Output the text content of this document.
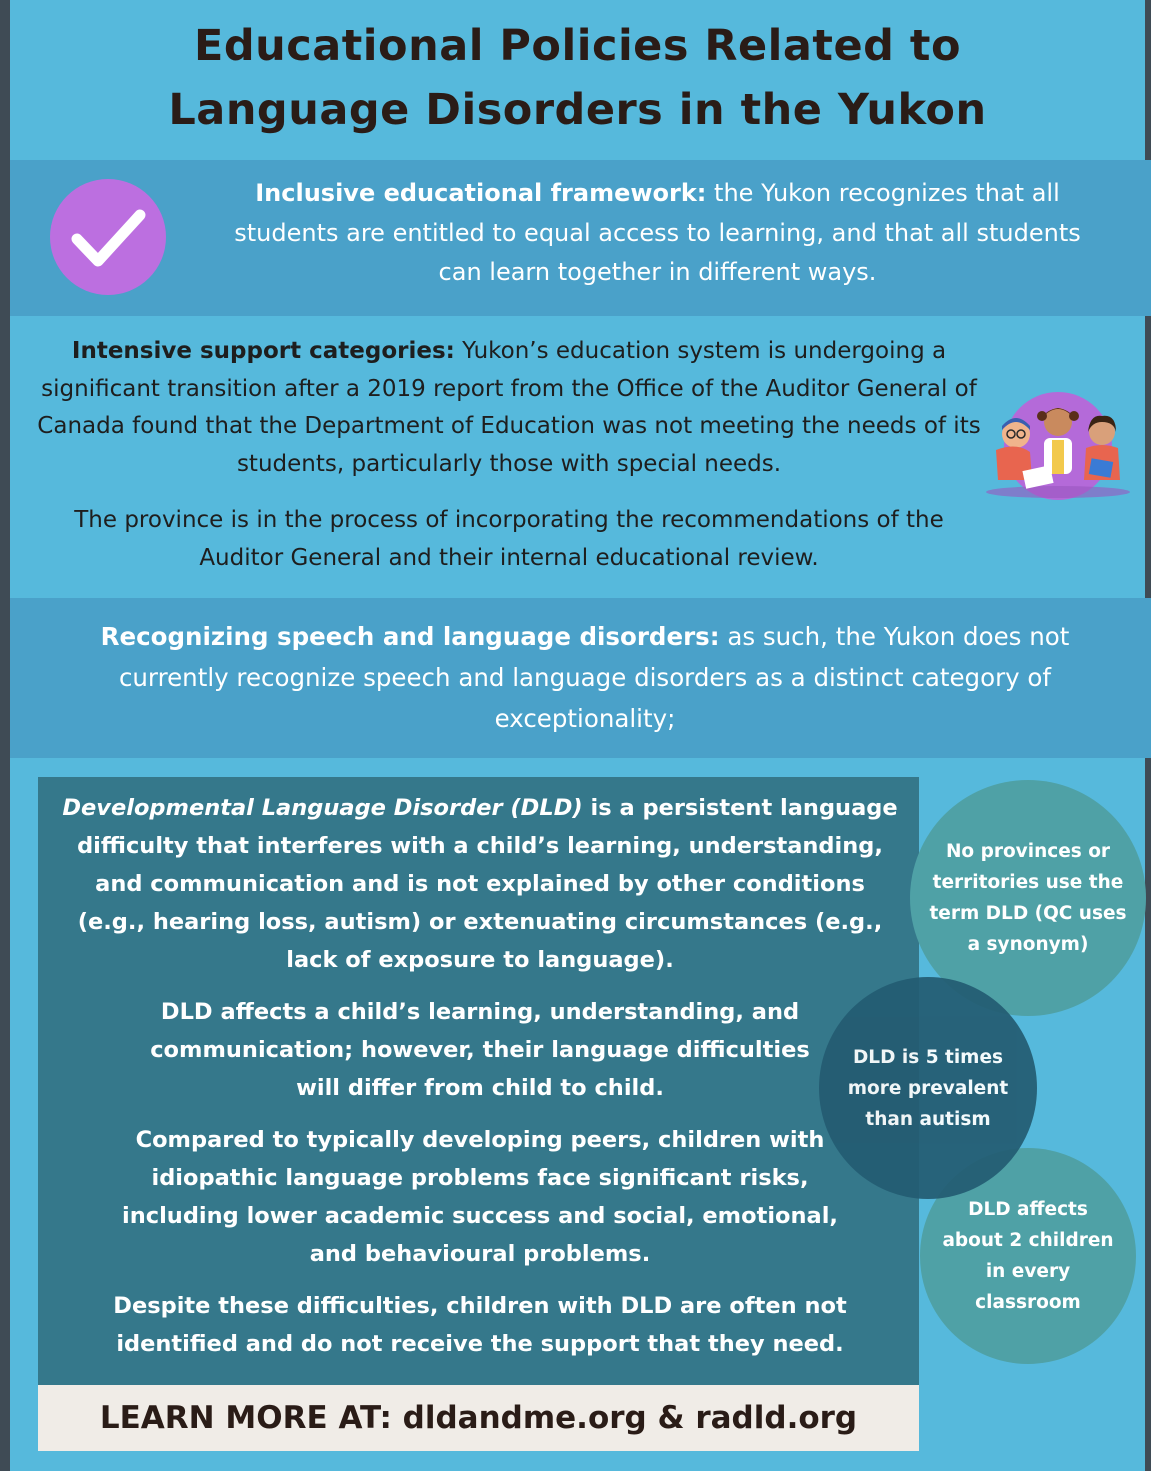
Educational Policies Related to
Language Disorders in the Yukon
Inclusive educational framework: the Yukon recognizes that all students are entitled to equal access to learning, and that all students can learn together in different ways.

Intensive support categories: Yukon’s education system is undergoing a significant transition after a 2019 report from the Office of the Auditor General of Canada found that the Department of Education was not meeting the needs of its students, particularly those with special needs.

The province is in the process of incorporating the recommendations of the Auditor General and their internal educational review.

Recognizing speech and language disorders: as such, the Yukon does not currently recognize speech and language disorders as a distinct category of exceptionality;

Developmental Language Disorder (DLD) is a persistent language difficulty that interferes with a child’s learning, understanding, and communication and is not explained by other conditions (e.g., hearing loss, autism) or extenuating circumstances (e.g., lack of exposure to language).

DLD affects a child’s learning, understanding, and communication; however, their language difficulties will differ from child to child.

Compared to typically developing peers, children with idiopathic language problems face significant risks, including lower academic success and social, emotional, and behavioural problems.

Despite these difficulties, children with DLD are often not identified and do not receive the support that they need.

No provinces or territories use the term DLD (QC uses a synonym)
DLD affects about 2 children in every classroom
DLD is 5 times more prevalent than autism
LEARN MORE AT: dldandme.org & radld.org
